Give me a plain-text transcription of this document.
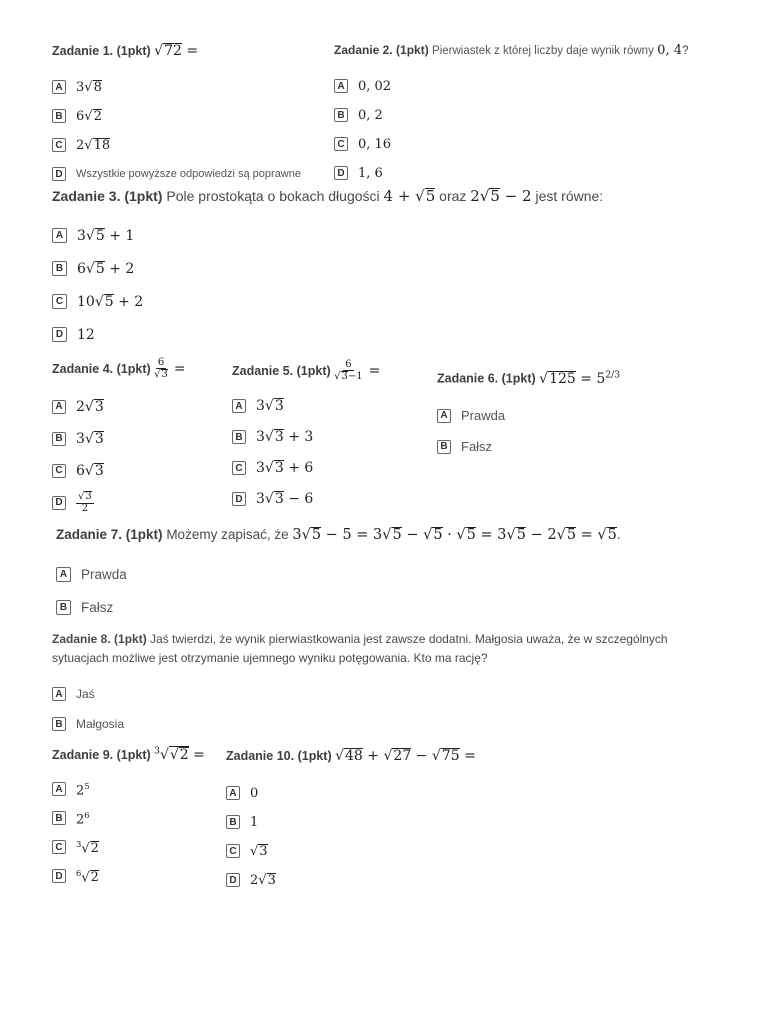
Zadanie 1. (1pkt) √72 =
A 3√8
B 6√2
C 2√18
D	Wszystkie powyższe odpowiedzi są poprawne
Zadanie 2. (1pkt) Pierwiastek z której liczby daje wynik równy 0, 4?
A 0, 02
B 0, 2
C 0, 16
D 1, 6
Zadanie 3. (1pkt) Pole prostokąta o bokach długości 4 + √5 oraz 2√5 − 2 jest równe:
A 3√5 + 1
B 6√5 + 2
C 10√5 + 2
D 12
Zadanie 4.
(1pkt)
$\frac{6}{√3}$ =
A 2√3
B 3√3
C 6√3
D	$\frac{√3}{2}$
Zadanie 5.
(1pkt)
$\frac{6}{√3-1}$ =
A 3√3
B 3√3 + 3
C 3√3 + 6
D 3√3 − 6
Zadanie 6. (1pkt) $√125 = 5^{2/3}$
A Prawda
B Fałsz
Zadanie 7. (1pkt) Możemy zapisać, że 3√5 − 5 = 3√5 − √5 · √5 = 3√5 − 2√5 = √5.
A Prawda
B Fałsz
Zadanie 8. (1pkt) Jaś twierdzi, że wynik pierwiastkowania jest zawsze dodatni. Małgosia uważa, że w szczególnych
sytuacjach możliwe jest otrzymanie ujemnego wyniku potęgowania. Kto ma rację?
A Jaś
B Małgosia
Zadanie 9. (1pkt) $^3$√√2 =
A $2^5$
B $2^6$
C	$^3$√2
D	$^6$√2
Zadanie 10. (1pkt) √48 + √27 − √75 =
A 0
B 1
C √3
D 2√3
